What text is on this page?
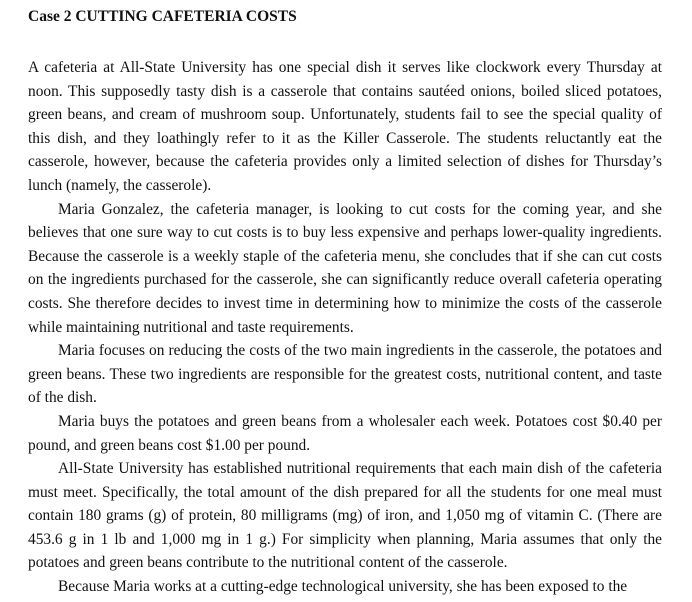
Case 2 CUTTING CAFETERIA COSTS

A cafeteria at All-State University has one special dish it serves like clockwork every Thursday at noon. This supposedly tasty dish is a casserole that contains sautéed onions, boiled sliced potatoes, green beans, and cream of mushroom soup. Unfortunately, students fail to see the special quality of this dish, and they loathingly refer to it as the Killer Casserole. The students reluctantly eat the casserole, however, because the cafeteria provides only a limited selection of dishes for Thursday’s lunch (namely, the casserole).

Maria Gonzalez, the cafeteria manager, is looking to cut costs for the coming year, and she believes that one sure way to cut costs is to buy less expensive and perhaps lower-quality ingredients. Because the casserole is a weekly staple of the cafeteria menu, she concludes that if she can cut costs on the ingredients purchased for the casserole, she can significantly reduce overall cafeteria operating costs. She therefore decides to invest time in determining how to minimize the costs of the casserole while maintaining nutritional and taste requirements.

Maria focuses on reducing the costs of the two main ingredients in the casserole, the potatoes and green beans. These two ingredients are responsible for the greatest costs, nutritional content, and taste of the dish.

Maria buys the potatoes and green beans from a wholesaler each week. Potatoes cost $0.40 per pound, and green beans cost $1.00 per pound.

All-State University has established nutritional requirements that each main dish of the cafeteria must meet. Specifically, the total amount of the dish prepared for all the students for one meal must contain 180 grams (g) of protein, 80 milligrams (mg) of iron, and 1,050 mg of vitamin C. (There are 453.6 g in 1 lb and 1,000 mg in 1 g.) For simplicity when planning, Maria assumes that only the potatoes and green beans contribute to the nutritional content of the casserole.

Because Maria works at a cutting-edge technological university, she has been exposed to the
